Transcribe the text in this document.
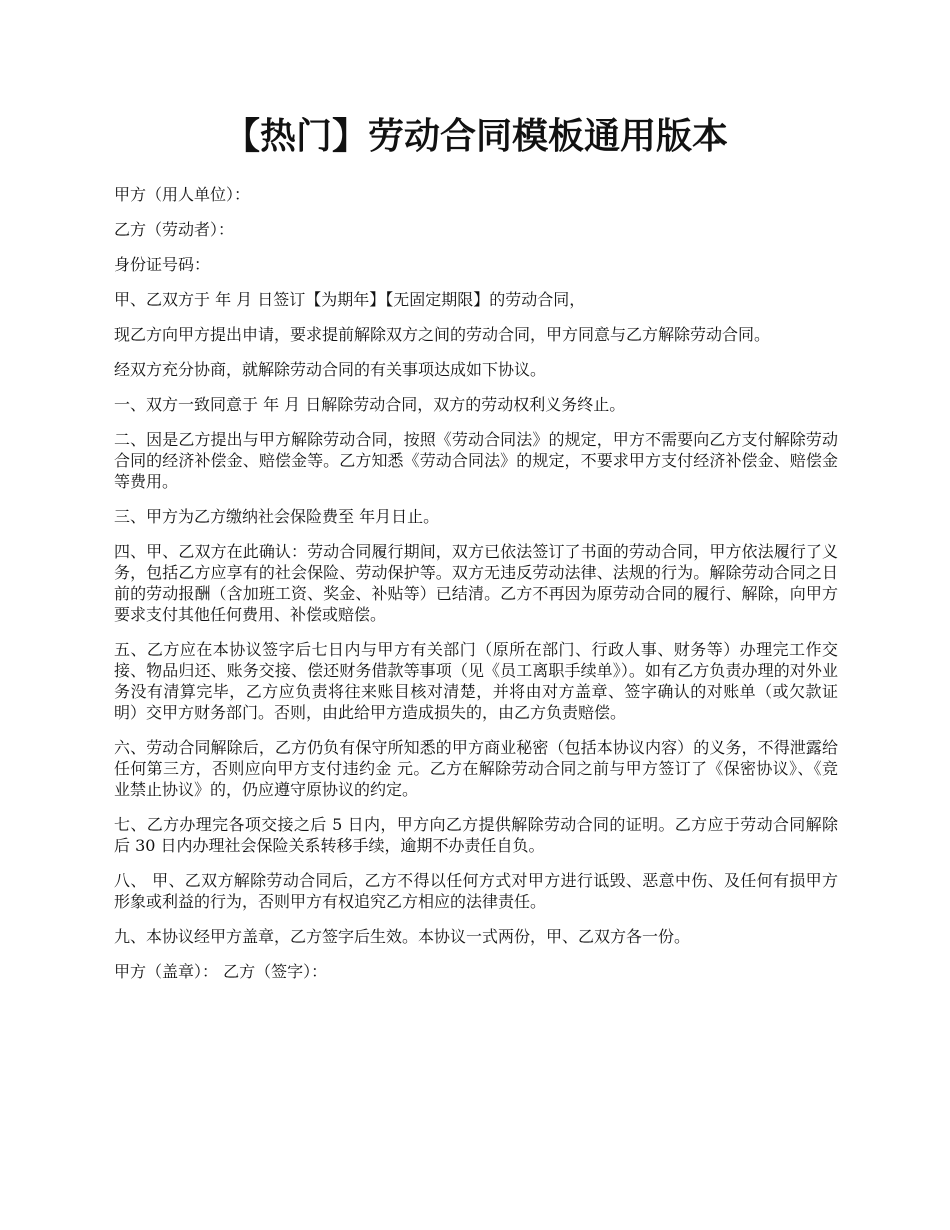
【热门】劳动合同模板通用版本

甲方（用人单位）：

乙方（劳动者）：

身份证号码：

甲、乙双方于 年 月 日签订【为期年】【无固定期限】的劳动合同，

现乙方向甲方提出申请，要求提前解除双方之间的劳动合同，甲方同意与乙方解除劳动合同。

经双方充分协商，就解除劳动合同的有关事项达成如下协议。

一、双方一致同意于 年 月 日解除劳动合同，双方的劳动权利义务终止。

二、因是乙方提出与甲方解除劳动合同，按照《劳动合同法》的规定，甲方不需要向乙方支付解除劳动合同的经济补偿金、赔偿金等。乙方知悉《劳动合同法》的规定，不要求甲方支付经济补偿金、赔偿金等费用。

三、甲方为乙方缴纳社会保险费至 年月日止。

四、甲、乙双方在此确认：劳动合同履行期间，双方已依法签订了书面的劳动合同，甲方依法履行了义务，包括乙方应享有的社会保险、劳动保护等。双方无违反劳动法律、法规的行为。解除劳动合同之日前的劳动报酬（含加班工资、奖金、补贴等）已结清。乙方不再因为原劳动合同的履行、解除，向甲方要求支付其他任何费用、补偿或赔偿。

五、乙方应在本协议签字后七日内与甲方有关部门（原所在部门、行政人事、财务等）办理完工作交接、物品归还、账务交接、偿还财务借款等事项（见《员工离职手续单》）。如有乙方负责办理的对外业务没有清算完毕，乙方应负责将往来账目核对清楚，并将由对方盖章、签字确认的对账单（或欠款证明）交甲方财务部门。否则，由此给甲方造成损失的，由乙方负责赔偿。

六、劳动合同解除后，乙方仍负有保守所知悉的甲方商业秘密（包括本协议内容）的义务，不得泄露给任何第三方，否则应向甲方支付违约金 元。乙方在解除劳动合同之前与甲方签订了《保密协议》、《竞业禁止协议》的，仍应遵守原协议的约定。

七、乙方办理完各项交接之后 5 日内，甲方向乙方提供解除劳动合同的证明。乙方应于劳动合同解除后 30 日内办理社会保险关系转移手续，逾期不办责任自负。

八、 甲、乙双方解除劳动合同后，乙方不得以任何方式对甲方进行诋毁、恶意中伤、及任何有损甲方形象或利益的行为，否则甲方有权追究乙方相应的法律责任。

九、本协议经甲方盖章，乙方签字后生效。本协议一式两份，甲、乙双方各一份。

甲方（盖章）： 乙方（签字）：
